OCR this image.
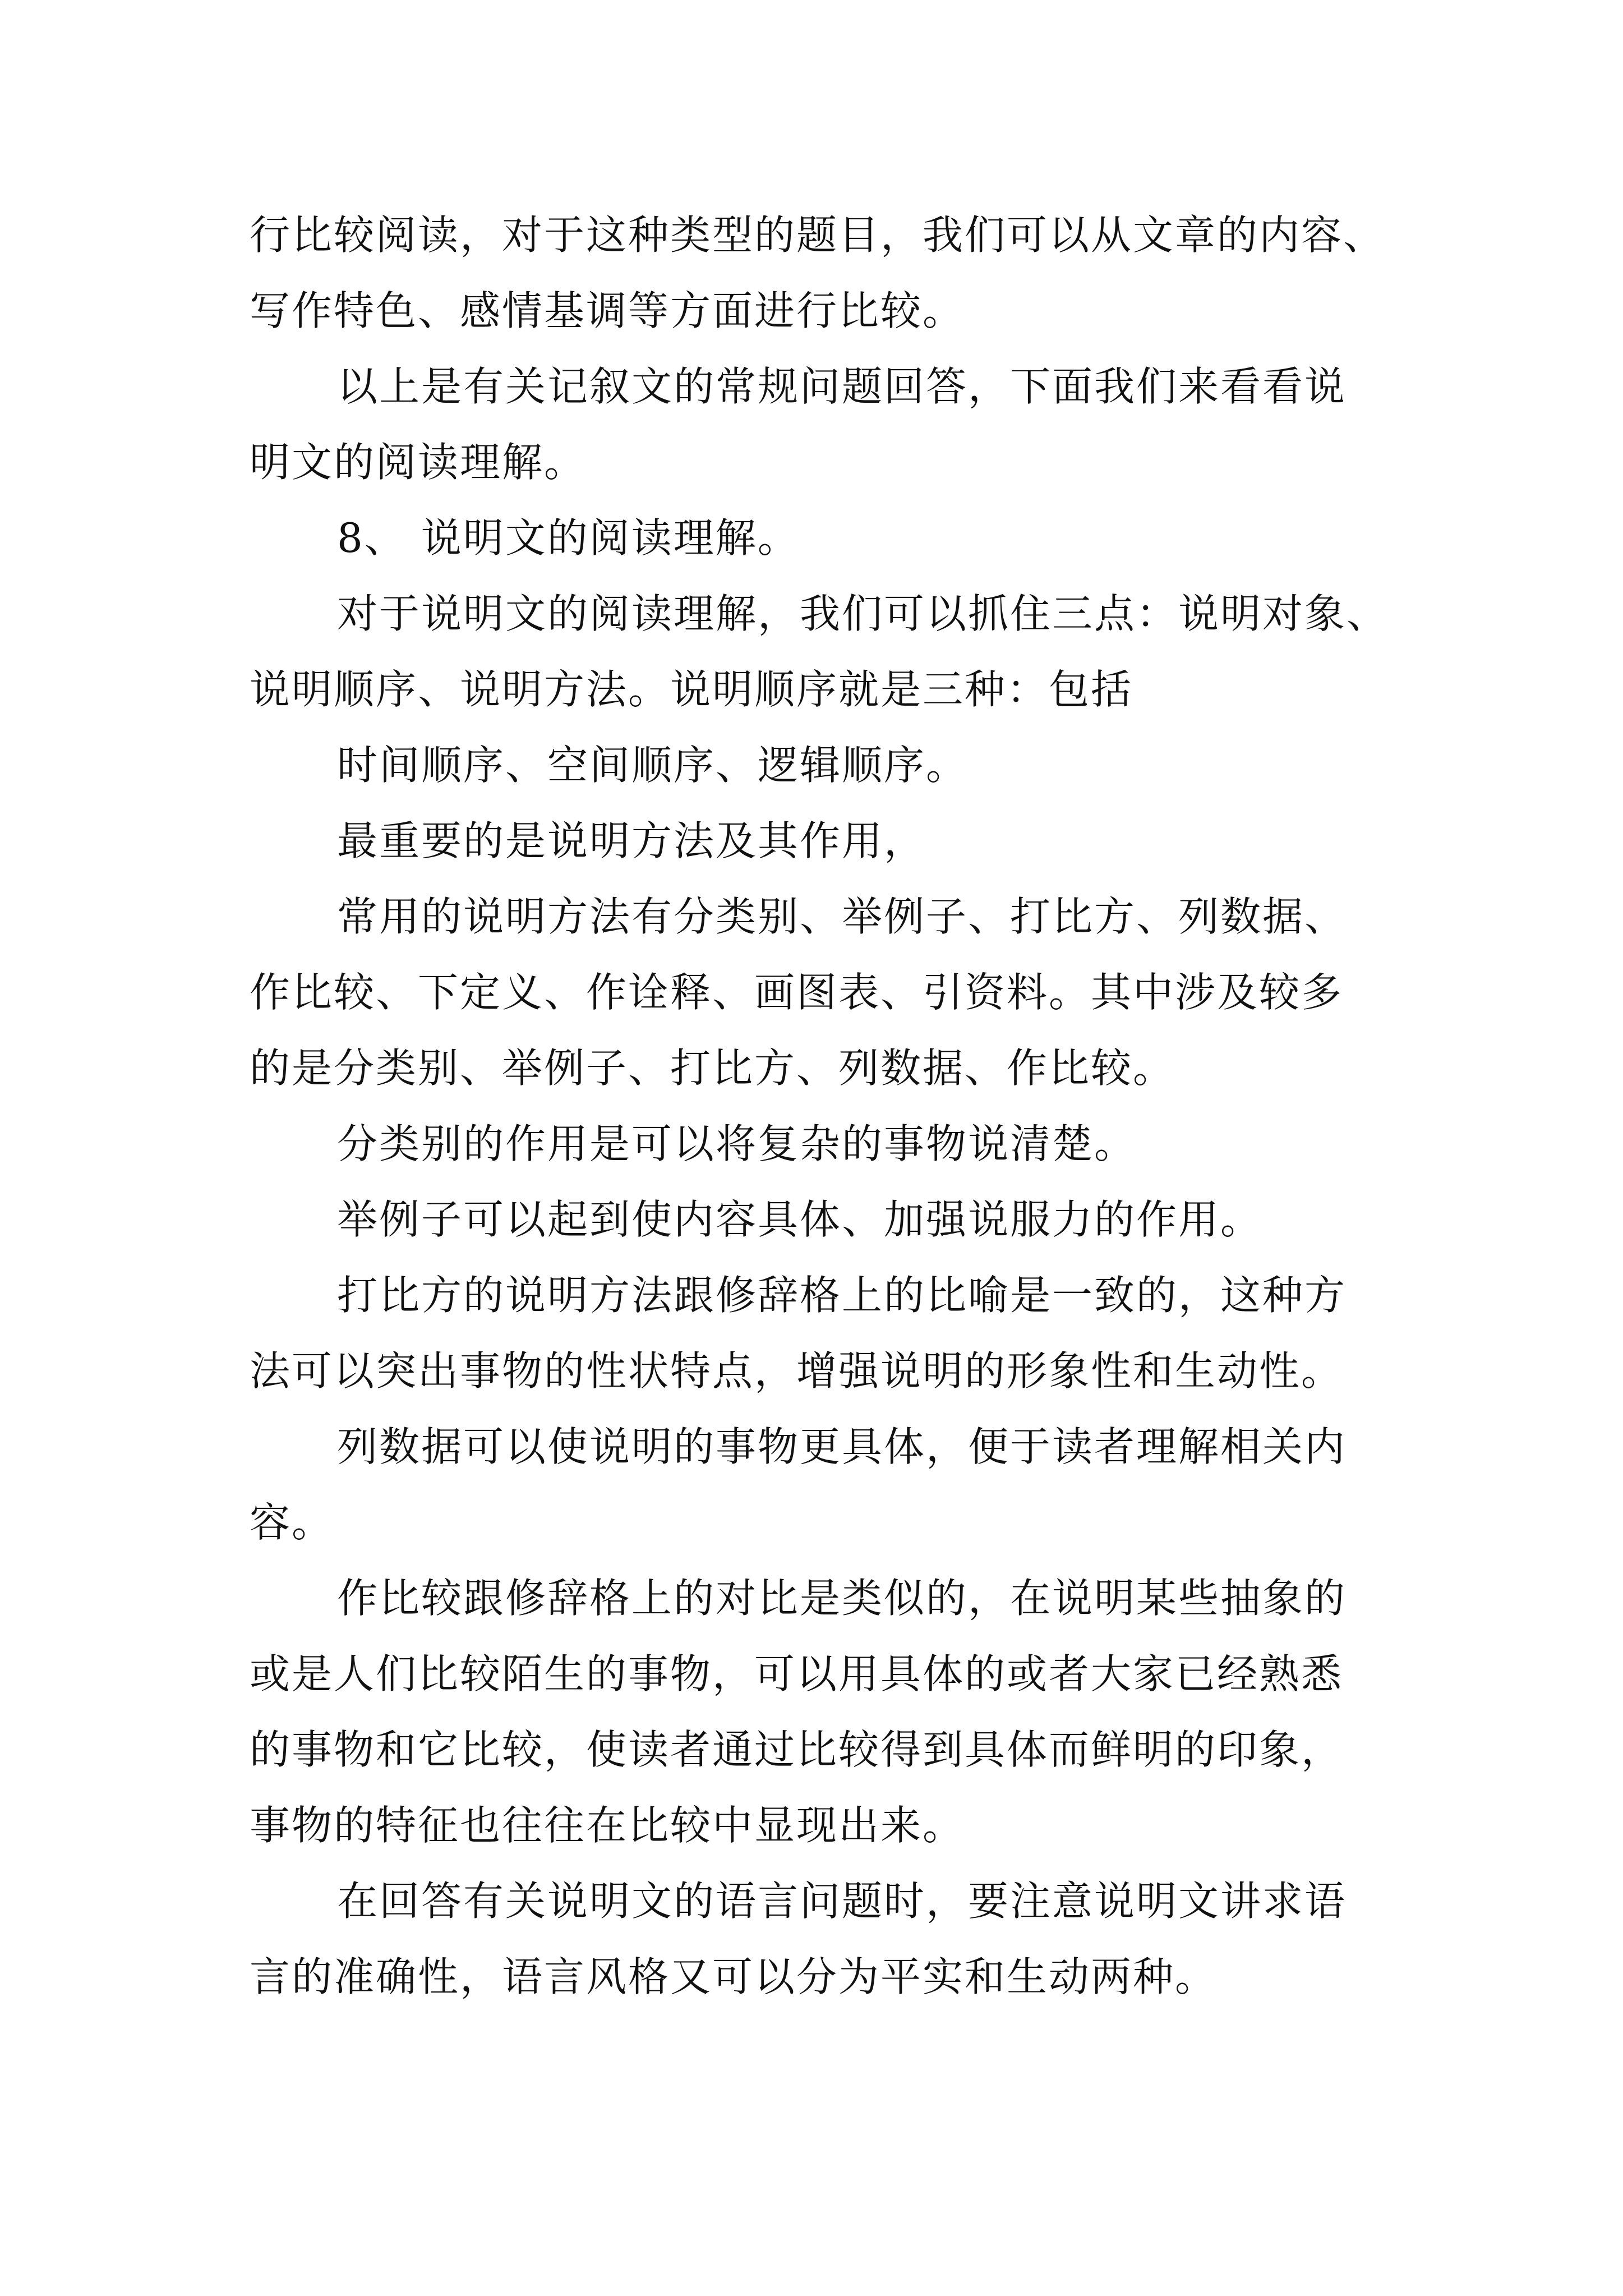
行比较阅读，对于这种类型的题目，我们可以从文章的内容、
写作特色、感情基调等方面进行比较。
以上是有关记叙文的常规问题回答，下面我们来看看说
明文的阅读理解。
8、 说明文的阅读理解。
对于说明文的阅读理解，我们可以抓住三点：说明对象、
说明顺序、说明方法。说明顺序就是三种：包括
时间顺序、空间顺序、逻辑顺序。
最重要的是说明方法及其作用，
常用的说明方法有分类别、举例子、打比方、列数据、
作比较、下定义、作诠释、画图表、引资料。其中涉及较多
的是分类别、举例子、打比方、列数据、作比较。
分类别的作用是可以将复杂的事物说清楚。
举例子可以起到使内容具体、加强说服力的作用。
打比方的说明方法跟修辞格上的比喻是一致的，这种方
法可以突出事物的性状特点，增强说明的形象性和生动性。
列数据可以使说明的事物更具体，便于读者理解相关内
容。
作比较跟修辞格上的对比是类似的，在说明某些抽象的
或是人们比较陌生的事物，可以用具体的或者大家已经熟悉
的事物和它比较，使读者通过比较得到具体而鲜明的印象，
事物的特征也往往在比较中显现出来。
在回答有关说明文的语言问题时，要注意说明文讲求语
言的准确性，语言风格又可以分为平实和生动两种。
